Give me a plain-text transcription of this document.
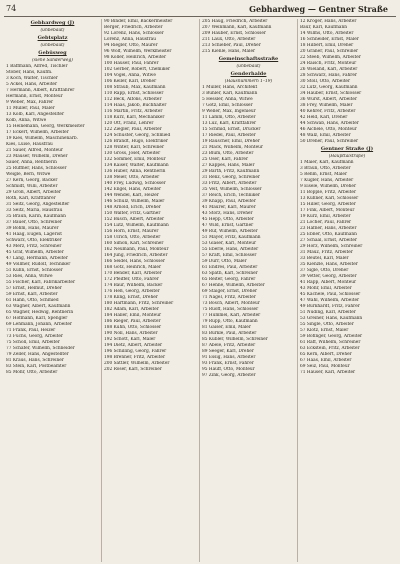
74	Gebhardweg — Gentner Straße
Gebhardweg (J)
(unbebaut)
Gebtsplatz
(unbebaut)
Gebüsweg
(siehe Sanderweg)
1 Bäffmann, Alfred, Tischler
Stöber, Hans, Kaufm.
3 Koch, Walter, Tischler
5 Ackel, Hans, Arbeiter
7 Hermann, Albert, Kraftfahrer
Hermann, Ernst, Monteur
9 Weber, Max, Fahrer
11 Müller, Paul, Maler
13 Kolb, Karl, Angestellter
Kolb, Anna, Witwe
15 Heinemann, Georg, Werkmeister
17 Eckert, Wilhelm, Arbeiter
19 Kies, Wilhelm, Maschinenarb.
Kies, Luise, Hausfrau
21 Sauer, Alfred, Monteur
23 Mauser, Wilhelm, Dreher
Sauer, Anna, Rentnerin
25 Rüffner, Hans, Schlosser
Weigle, Bern, Witwe
27 Kern, Georg, Bäcker
Schmidt, Willi, Arbeiter
29 Groß, Albert, Arbeiter
Roth, Karl, Kraftfahrer
31 Seitz, Georg, Angestellter
33 Seitz, Maria, Hausfrau
35 Braun, Karin, Kaufmann
37 Bauer, Otto, Schreiner
39 Böhm, Hans, Maurer
41 Haag, Eugen, Lagerist
Schwarz, Otto, Elektriker
43 Merz, Fritz, Schreiner
45 Graf, Wilhelm, Arbeiter
47 Lang, Hermann, Arbeiter
49 Völlmer, Rudolf, Techniker
51 Kühn, Ernst, Schlosser
53 Ries, Anna, Witwe
55 Fischer, Karl, Fabrikarbeiter
57 Ernst, Helmut, Dreher
59 Ernst, Karl, Arbeiter
61 Hahn, Otto, Schmied
63 Wagner, Albert, Kaufmann
65 Wagner, Hedwig, Rentnerin
67 Hofmann, Karl, Spengler
69 Lehmann, Johann, Arbeiter
71 Frank, Paul, Heizer
73 Fuchs, Georg, Arbeiter
75 Scholl, Emil, Arbeiter
77 Schäfer, Wilhelm, Schneider
79 Zeller, Hans, Angestellter
81 Kraus, Hans, Schreiner
83 Stein, Karl, Postbeamter
85 Mohr, Otto, Arbeiter
90 Binder, Emil, Bäckermeister
Berger, Friedrich, Arbeiter
92 Lorenz, Hans, Schlosser
Lorenz, Anna, Hausfrau
94 Riegler, Otto, Maurer
96 Wolf, Wilhelm, Werkmeister
98 Koller, Heinrich, Arbeiter
100 Hauser, Paul, Fahrer
102 Gerber, Robert, Chemiker
104 Vogel, Anna, Witwe
106 Keller, Karl, Dreher
108 Straub, Max, Kaufmann
110 Rapp, Ernst, Schlosser
112 Beck, Alfons, Arbeiter
114 Haas, Jakob, Buchhalter
116 Martin, Fritz, Arbeiter
118 Kurz, Karl, Mechaniker
120 Ott, Franz, Lehrer
122 Ziegler, Paul, Arbeiter
124 Schuster, Georg, Schmied
126 Brandt, Hugo, Elektriker
128 Winter, Karl, Schreiner
130 Gross, Josef, Arbeiter
132 Sommer, Emil, Monteur
134 Kaiser, Walter, Kaufmann
136 Huber, Anna, Rentnerin
138 Meier, Otto, Arbeiter
140 Frey, Ludwig, Schlosser
142 Engel, Hans, Arbeiter
144 Wendel, Karl, Heizer
146 Schulz, Wilhelm, Maler
148 Arnold, Erich, Dreher
150 Walter, Fritz, Gärtner
152 Busch, Albert, Arbeiter
154 Lutz, Wilhelm, Kaufmann
156 Horn, Ernst, Maurer
158 Ulrich, Otto, Arbeiter
160 Simon, Karl, Schreiner
162 Neumann, Paul, Monteur
164 Jung, Friedrich, Arbeiter
166 Seidel, Hans, Schlosser
168 Götz, Heinrich, Maler
170 Bender, Karl, Arbeiter
172 Pfeiffer, Otto, Fahrer
174 Baur, Wilhelm, Bäcker
176 Heß, Georg, Arbeiter
178 Kling, Ernst, Dreher
180 Hartmann, Fritz, Schreiner
182 Adam, Karl, Arbeiter
184 Haller, Emil, Monteur
186 Rieger, Paul, Arbeiter
188 Kuhn, Otto, Schlosser
190 Noll, Hans, Arbeiter
192 Schott, Karl, Maler
194 Dietz, Albert, Arbeiter
196 Schilling, Georg, Fahrer
198 Brenner, Fritz, Arbeiter
200 Sattler, Wilhelm, Arbeiter
202 Roser, Karl, Schreiner
205 Haug, Friedrich, Arbeiter
207 Weinmann, Karl, Kaufmann
209 Hauber, Ernst, Schlosser
211 Laux, Otto, Arbeiter
213 Schieber, Paul, Dreher
215 Kienle, Hans, Maler
Gemeinschaftsstraße
(unbebaut)
Genderhalde
(Hausnummern 1–19)
1 Müller, Hans, Architekt
3 Bühler, Karl, Kaufmann
5 Hessler, Anna, Witwe
7 Götz, Emil, Schlosser
9 Weller, Max, Ingenieur
11 Lamm, Otto, Arbeiter
13 Luz, Karl, Kraftfahrer
15 Schmid, Ernst, Drucker
17 Riedel, Paul, Arbeiter
19 Rauscher, Emil, Dreher
21 Mack, Wilhelm, Monteur
23 Blum, Otto, Arbeiter
25 Oser, Karl, Fahrer
27 Kappes, Hans, Maler
29 Barth, Fritz, Kaufmann
31 Renz, Georg, Schreiner
33 Fritz, Albert, Arbeiter
35 Veit, Wilhelm, Schlosser
37 Reich, Erich, Techniker
39 Knapp, Paul, Arbeiter
41 Maurer, Karl, Maurer
43 Storz, Hans, Dreher
45 Hepp, Otto, Arbeiter
47 Wild, Ernst, Gärtner
49 Ruf, Wilhelm, Arbeiter
51 Mayer, Fritz, Kaufmann
53 Glaser, Karl, Monteur
55 Eberle, Hans, Arbeiter
57 Kraft, Emil, Schlosser
59 Dürr, Otto, Maler
61 Endres, Paul, Arbeiter
63 Späth, Karl, Schreiner
65 Reiter, Georg, Fahrer
67 Henne, Wilhelm, Arbeiter
69 Staiger, Ernst, Dreher
71 Nagel, Fritz, Arbeiter
73 Bosch, Albert, Monteur
75 Ruoff, Hans, Schlosser
77 Hummel, Karl, Arbeiter
79 Rupp, Otto, Kaufmann
81 Gaiser, Emil, Maler
83 Bürkle, Paul, Arbeiter
85 Kübler, Wilhelm, Schreiner
87 Abele, Fritz, Arbeiter
89 Seeger, Karl, Dreher
91 Essig, Hans, Arbeiter
93 Frank, Ernst, Fahrer
95 Hauff, Otto, Monteur
97 Zink, Georg, Arbeiter
12 Kröger, Hans, Arbeiter
Baur, Karl, Kaufmann
14 Wilms, Otto, Arbeiter
16 Schneider, Ernst, Maler
18 Hilbert, Emil, Dreher
20 Graner, Paul, Schreiner
22 Steeb, Wilhelm, Arbeiter
24 Raisch, Fritz, Monteur
26 Wieland, Karl, Arbeiter
28 Schwarz, Hans, Fahrer
30 Stoll, Otto, Arbeiter
32 Lutz, Georg, Kaufmann
34 Hauber, Ernst, Schlosser
36 Wurst, Albert, Arbeiter
38 Frey, Wilhelm, Maler
40 Kehrer, Fritz, Arbeiter
42 Held, Karl, Dreher
44 Schwab, Hans, Arbeiter
46 Aichele, Otto, Monteur
48 Walz, Emil, Arbeiter
50 Dreher, Paul, Schreiner
Gentner Straße (J)
(Haupttalstraße)
1 Maier, Karl, Kaufmann
3 Braun, Otto, Arbeiter
5 Rehm, Ernst, Maler
7 Kugler, Hans, Arbeiter
9 Eisele, Wilhelm, Dreher
11 Böpple, Fritz, Arbeiter
13 Kühner, Karl, Schlosser
15 Hiller, Georg, Arbeiter
17 Fink, Albert, Monteur
19 Kurz, Emil, Arbeiter
21 Locher, Paul, Fahrer
23 Hafner, Hans, Arbeiter
25 Ebner, Otto, Kaufmann
27 Schaal, Ernst, Arbeiter
29 Hörz, Wilhelm, Schreiner
31 Mauz, Fritz, Arbeiter
33 Beutel, Karl, Maler
35 Kienzle, Hans, Arbeiter
37 Sigle, Otto, Dreher
39 Vetter, Georg, Arbeiter
41 Rapp, Albert, Monteur
43 Mohr, Emil, Arbeiter
45 Kächele, Paul, Schlosser
47 Wahl, Wilhelm, Arbeiter
49 Burkhardt, Fritz, Fahrer
51 Nuding, Karl, Arbeiter
53 Greiner, Hans, Kaufmann
55 Single, Otto, Arbeiter
57 Klotz, Ernst, Maler
59 Bofinger, Georg, Arbeiter
61 Raff, Wilhelm, Schreiner
63 Eckstein, Fritz, Arbeiter
65 Kern, Albert, Dreher
67 Haas, Emil, Arbeiter
69 Seiz, Paul, Monteur
71 Hauser, Karl, Arbeiter
